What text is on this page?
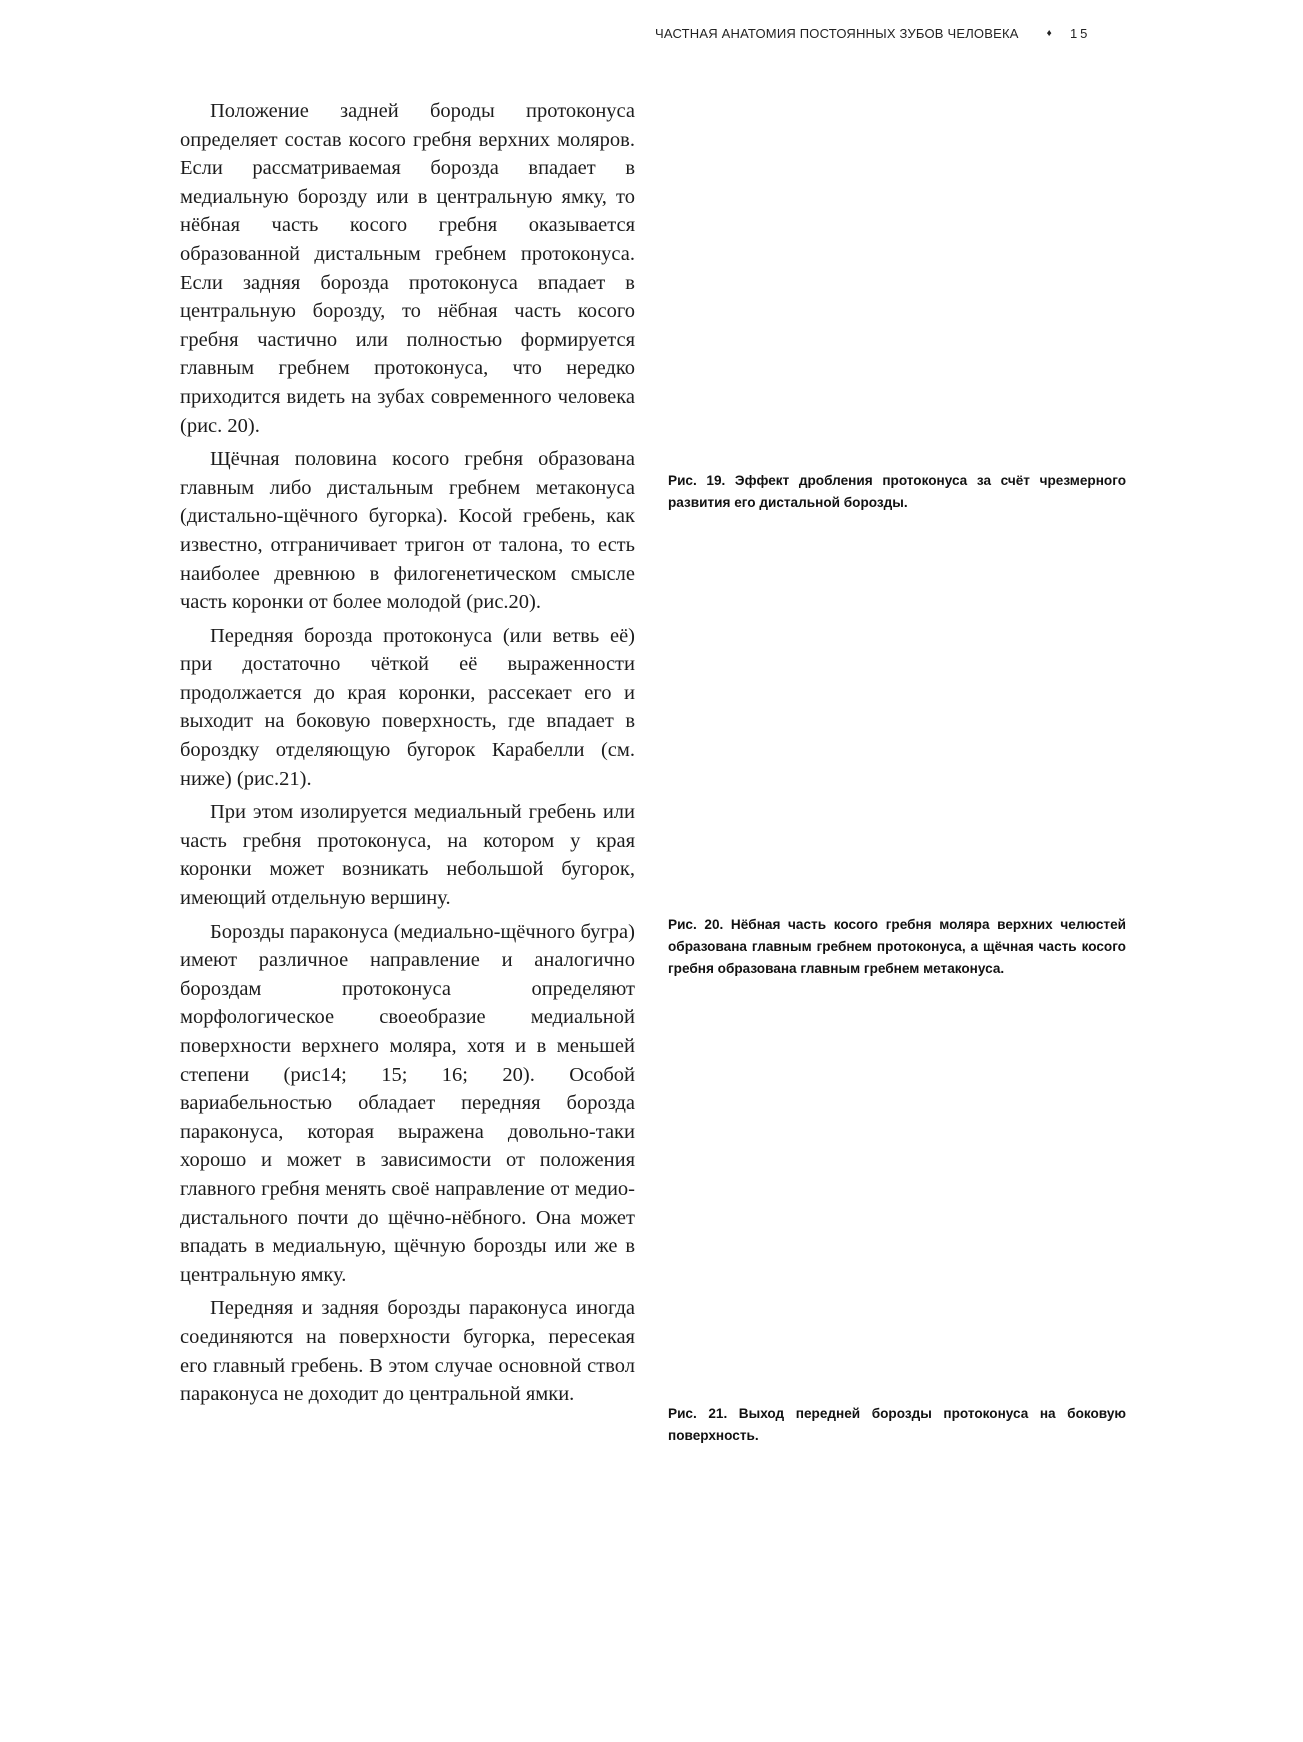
ЧАСТНАЯ АНАТОМИЯ ПОСТОЯННЫХ ЗУБОВ ЧЕЛОВЕКА	♦ 15

Положение задней бороды протоконуса определяет состав косого гребня верхних моляров. Если рассматриваемая борозда впадает в медиальную борозду или в центральную ямку, то нёбная часть косого гребня оказывается образованной дистальным гребнем протоконуса. Если задняя борозда протоконуса впадает в центральную борозду, то нёбная часть косого гребня частично или полностью формируется главным гребнем протоконуса, что нередко приходится видеть на зубах современного человека (рис. 20).

Щёчная половина косого гребня образована главным либо дистальным гребнем метаконуса (дистально-щёчного бугорка). Косой гребень, как известно, отграничивает тригон от талона, то есть наиболее древнюю в филогенетическом смысле часть коронки от более молодой (рис.20).

Передняя борозда протоконуса (или ветвь её) при достаточно чёткой её выраженности продолжается до края коронки, рассекает его и выходит на боковую поверхность, где впадает в бороздку отделяющую бугорок Карабелли (см. ниже) (рис.21).

При этом изолируется медиальный гребень или часть гребня протоконуса, на котором у края коронки может возникать небольшой бугорок, имеющий отдельную вершину.

Борозды параконуса (медиально-щёчного бугра) имеют различное направление и аналогично бороздам протоконуса определяют морфологическое своеобразие медиальной поверхности верхнего моляра, хотя и в меньшей степени (рис14; 15; 16; 20). Особой вариабельностью обладает передняя борозда параконуса, которая выражена довольно-таки хорошо и может в зависимости от положения главного гребня менять своё направление от медио-дистального почти до щёчно-нёбного. Она может впадать в медиальную, щёчную борозды или же в центральную ямку.

Передняя и задняя борозды параконуса иногда соединяются на поверхности бугорка, пересекая его главный гребень. В этом случае основной ствол параконуса не доходит до центральной ямки.

Рис. 19. Эффект дробления протоконуса за счёт чрезмерного развития его дистальной борозды.
Рис. 20. Нёбная часть косого гребня моляра верхних челюстей образована главным гребнем протоконуса, а щёчная часть косого гребня образована главным гребнем метаконуса.
Рис. 21. Выход передней борозды протоконуса на боковую поверхность.
